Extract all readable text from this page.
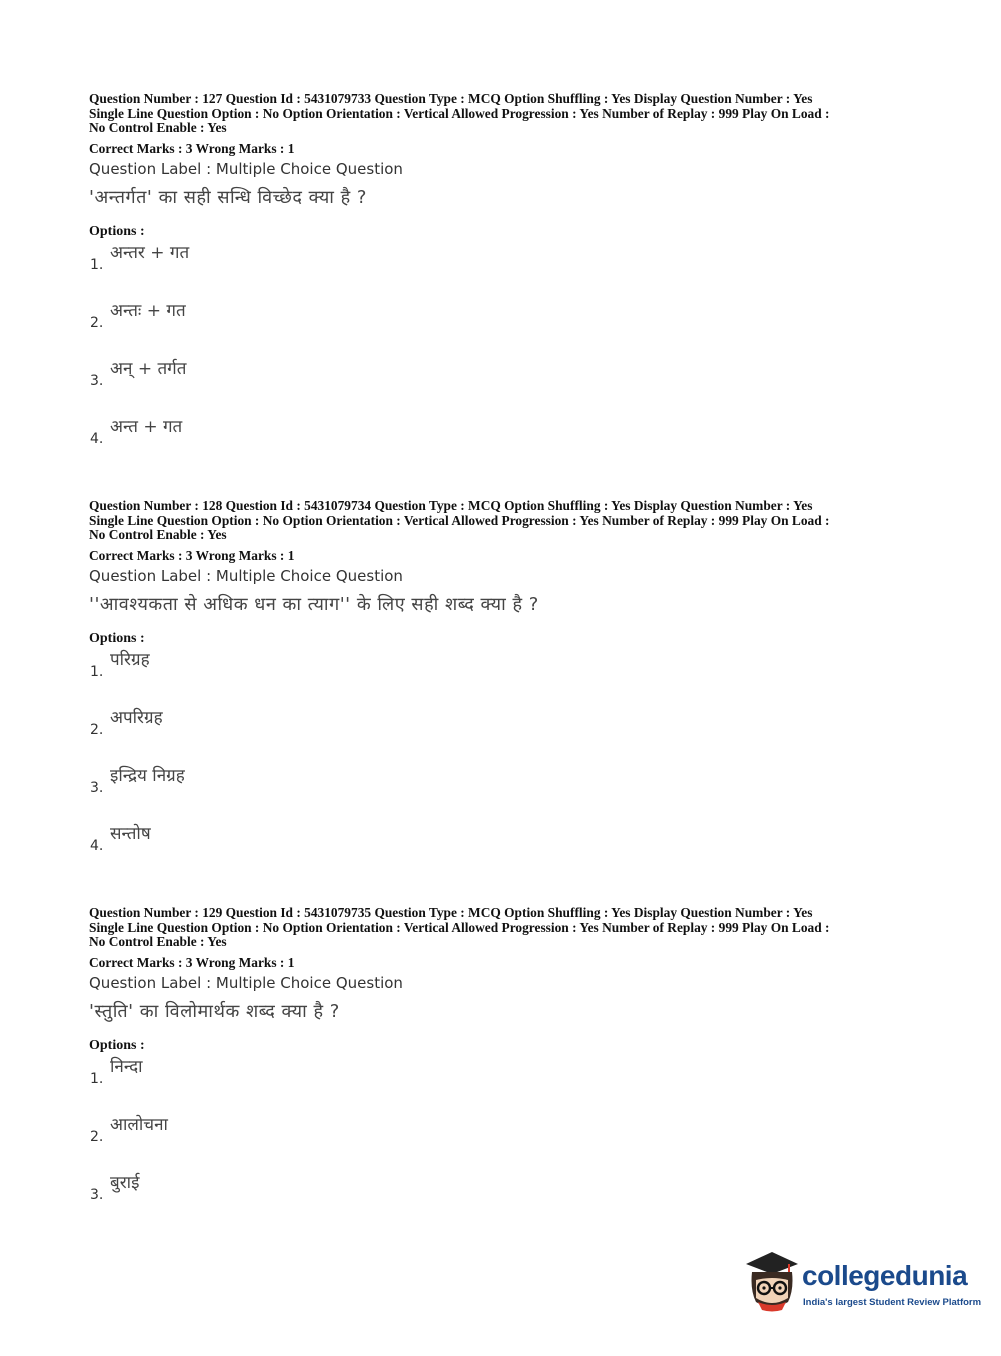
Question Number : 127 Question Id : 5431079733 Question Type : MCQ Option Shuffling : Yes Display Question Number : Yes
Single Line Question Option : No Option Orientation : Vertical Allowed Progression : Yes Number of Replay : 999 Play On Load :
No Control Enable : Yes

Correct Marks : 3 Wrong Marks : 1
Question Label : Multiple Choice Question
'अन्तर्गत' का सही सन्धि विच्छेद क्या है ?
Options :
1.
अन्तर + गत
2.
अन्तः + गत
3.
अन् + तर्गत
4.
अन्त + गत

Question Number : 128 Question Id : 5431079734 Question Type : MCQ Option Shuffling : Yes Display Question Number : Yes
Single Line Question Option : No Option Orientation : Vertical Allowed Progression : Yes Number of Replay : 999 Play On Load :
No Control Enable : Yes

Correct Marks : 3 Wrong Marks : 1
Question Label : Multiple Choice Question
''आवश्यकता से अधिक धन का त्याग'' के लिए सही शब्द क्या है ?
Options :
1.
परिग्रह
2.
अपरिग्रह
3.
इन्द्रिय निग्रह
4.
सन्तोष

Question Number : 129 Question Id : 5431079735 Question Type : MCQ Option Shuffling : Yes Display Question Number : Yes
Single Line Question Option : No Option Orientation : Vertical Allowed Progression : Yes Number of Replay : 999 Play On Load :
No Control Enable : Yes

Correct Marks : 3 Wrong Marks : 1
Question Label : Multiple Choice Question
'स्तुति' का विलोमार्थक शब्द क्या है ?
Options :
1.
निन्दा
2.
आलोचना
3.
बुराई
collegedunia
India's largest Student Review Platform
